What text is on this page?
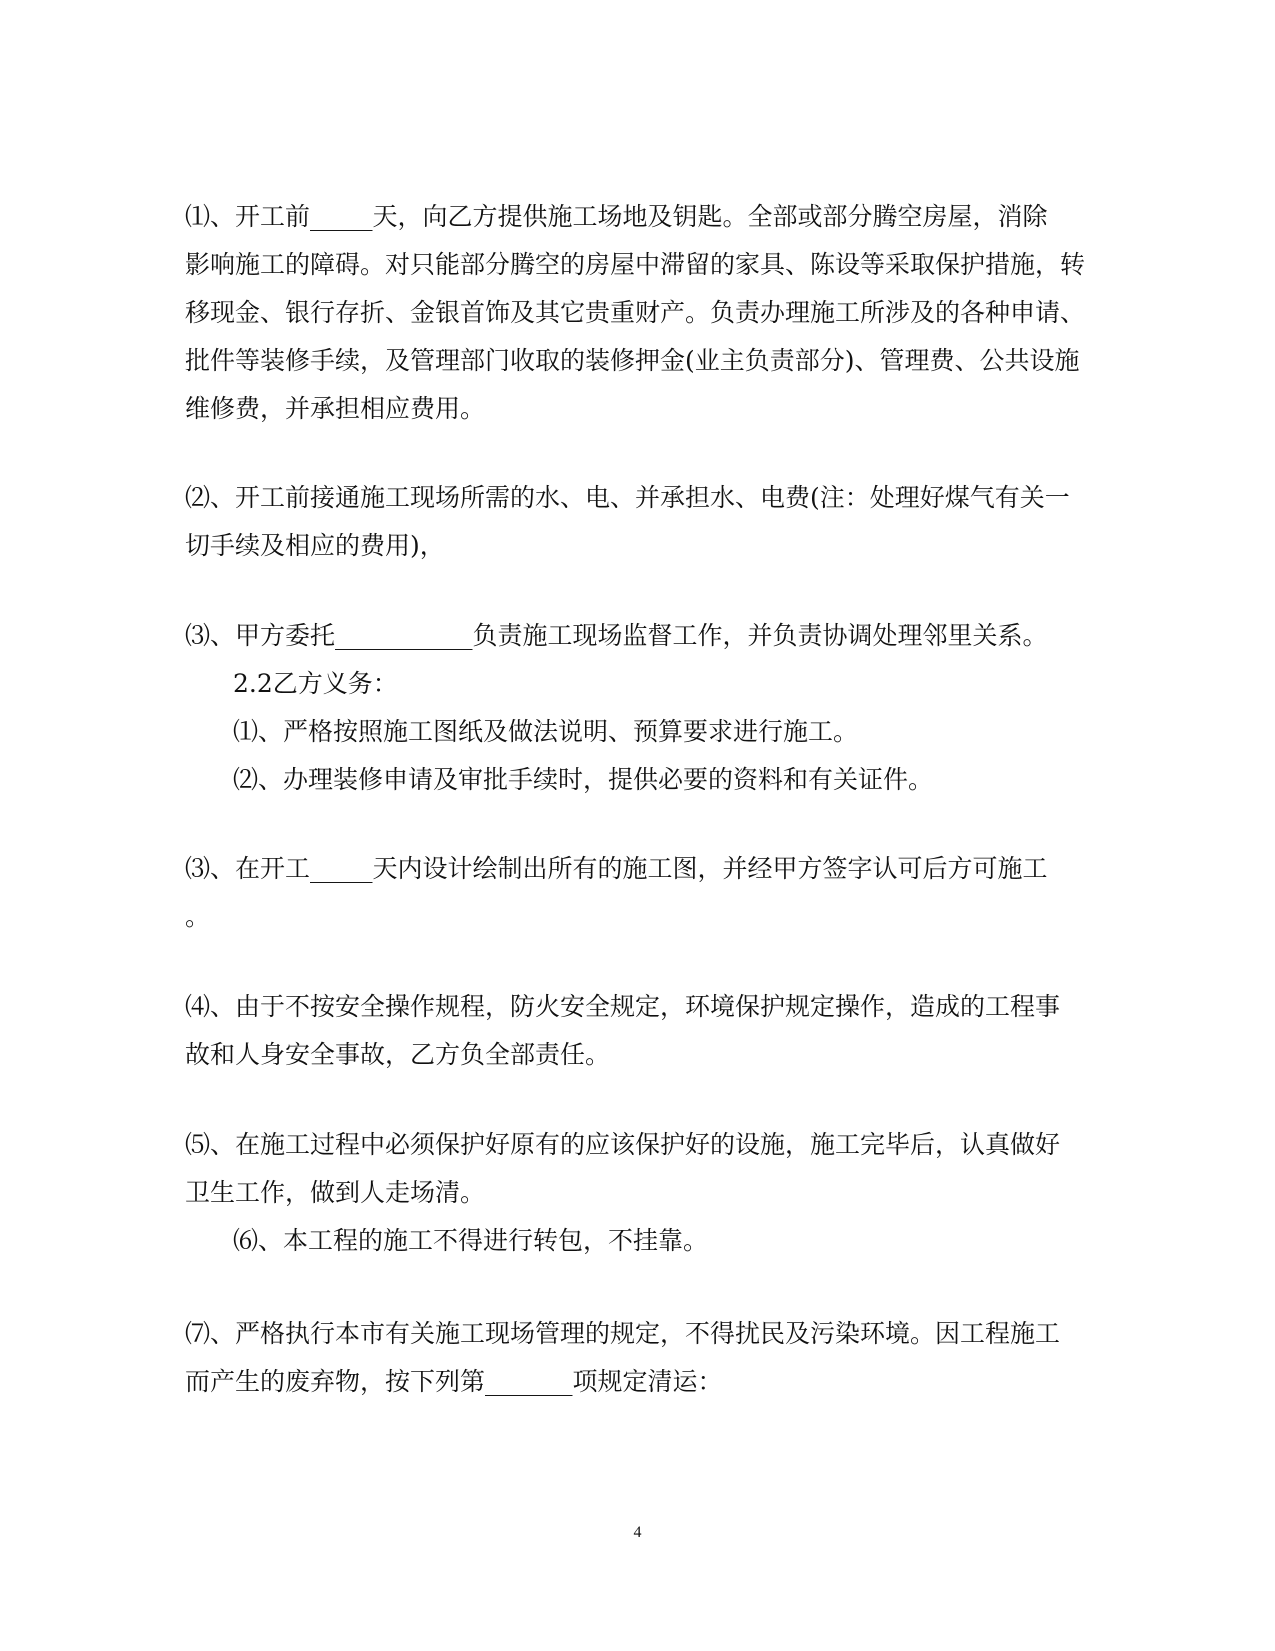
⑴、开工前_____天，向乙方提供施工场地及钥匙。全部或部分腾空房屋，消除
影响施工的障碍。对只能部分腾空的房屋中滞留的家具、陈设等采取保护措施，转
移现金、银行存折、金银首饰及其它贵重财产。负责办理施工所涉及的各种申请、
批件等装修手续，及管理部门收取的装修押金(业主负责部分)、管理费、公共设施
维修费，并承担相应费用。

⑵、开工前接通施工现场所需的水、电、并承担水、电费(注：处理好煤气有关一
切手续及相应的费用)，

⑶、甲方委托___________负责施工现场监督工作，并负责协调处理邻里关系。

2.2乙方义务：

⑴、严格按照施工图纸及做法说明、预算要求进行施工。

⑵、办理装修申请及审批手续时，提供必要的资料和有关证件。

⑶、在开工_____天内设计绘制出所有的施工图，并经甲方签字认可后方可施工
。

⑷、由于不按安全操作规程，防火安全规定，环境保护规定操作，造成的工程事
故和人身安全事故，乙方负全部责任。

⑸、在施工过程中必须保护好原有的应该保护好的设施，施工完毕后，认真做好
卫生工作，做到人走场清。

⑹、本工程的施工不得进行转包，不挂靠。

⑺、严格执行本市有关施工现场管理的规定，不得扰民及污染环境。因工程施工
而产生的废弃物，按下列第_______项规定清运：

4
